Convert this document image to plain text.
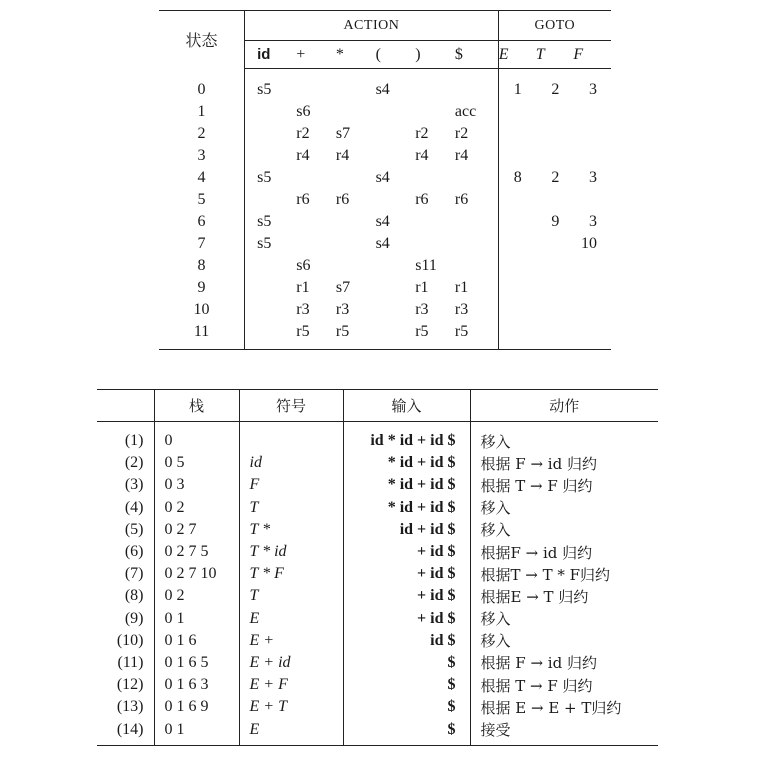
状态	ACTION						GOTO		
	id	+	*	(	)	$	E	T	F
0	s5			s4			1	2	3
1		s6				acc			
2		r2	s7		r2	r2			
3		r4	r4		r4	r4			
4	s5			s4			8	2	3
5		r6	r6		r6	r6			
6	s5			s4				9	3
7	s5			s4					10
8		s6			s11				
9		r1	s7		r1	r1			
10		r3	r3		r3	r3			
11		r5	r5		r5	r5			
	栈	符号	输入	动作
(1)	0		id * id + id $	移入
(2)	0 5	id	* id + id $	根据 F → id 归约
(3)	0 3	F	* id + id $	根据 T → F 归约
(4)	0 2	T	* id + id $	移入
(5)	0 2 7	T *	id + id $	移入
(6)	0 2 7 5	T * id	+ id $	根据F → id 归约
(7)	0 2 7 10	T * F	+ id $	根据T → T * F归约
(8)	0 2	T	+ id $	根据E → T 归约
(9)	0 1	E	+ id $	移入
(10)	0 1 6	E +	id $	移入
(11)	0 1 6 5	E + id	$	根据 F → id 归约
(12)	0 1 6 3	E + F	$	根据 T → F 归约
(13)	0 1 6 9	E + T	$	根据 E → E + T归约
(14)	0 1	E	$	接受
